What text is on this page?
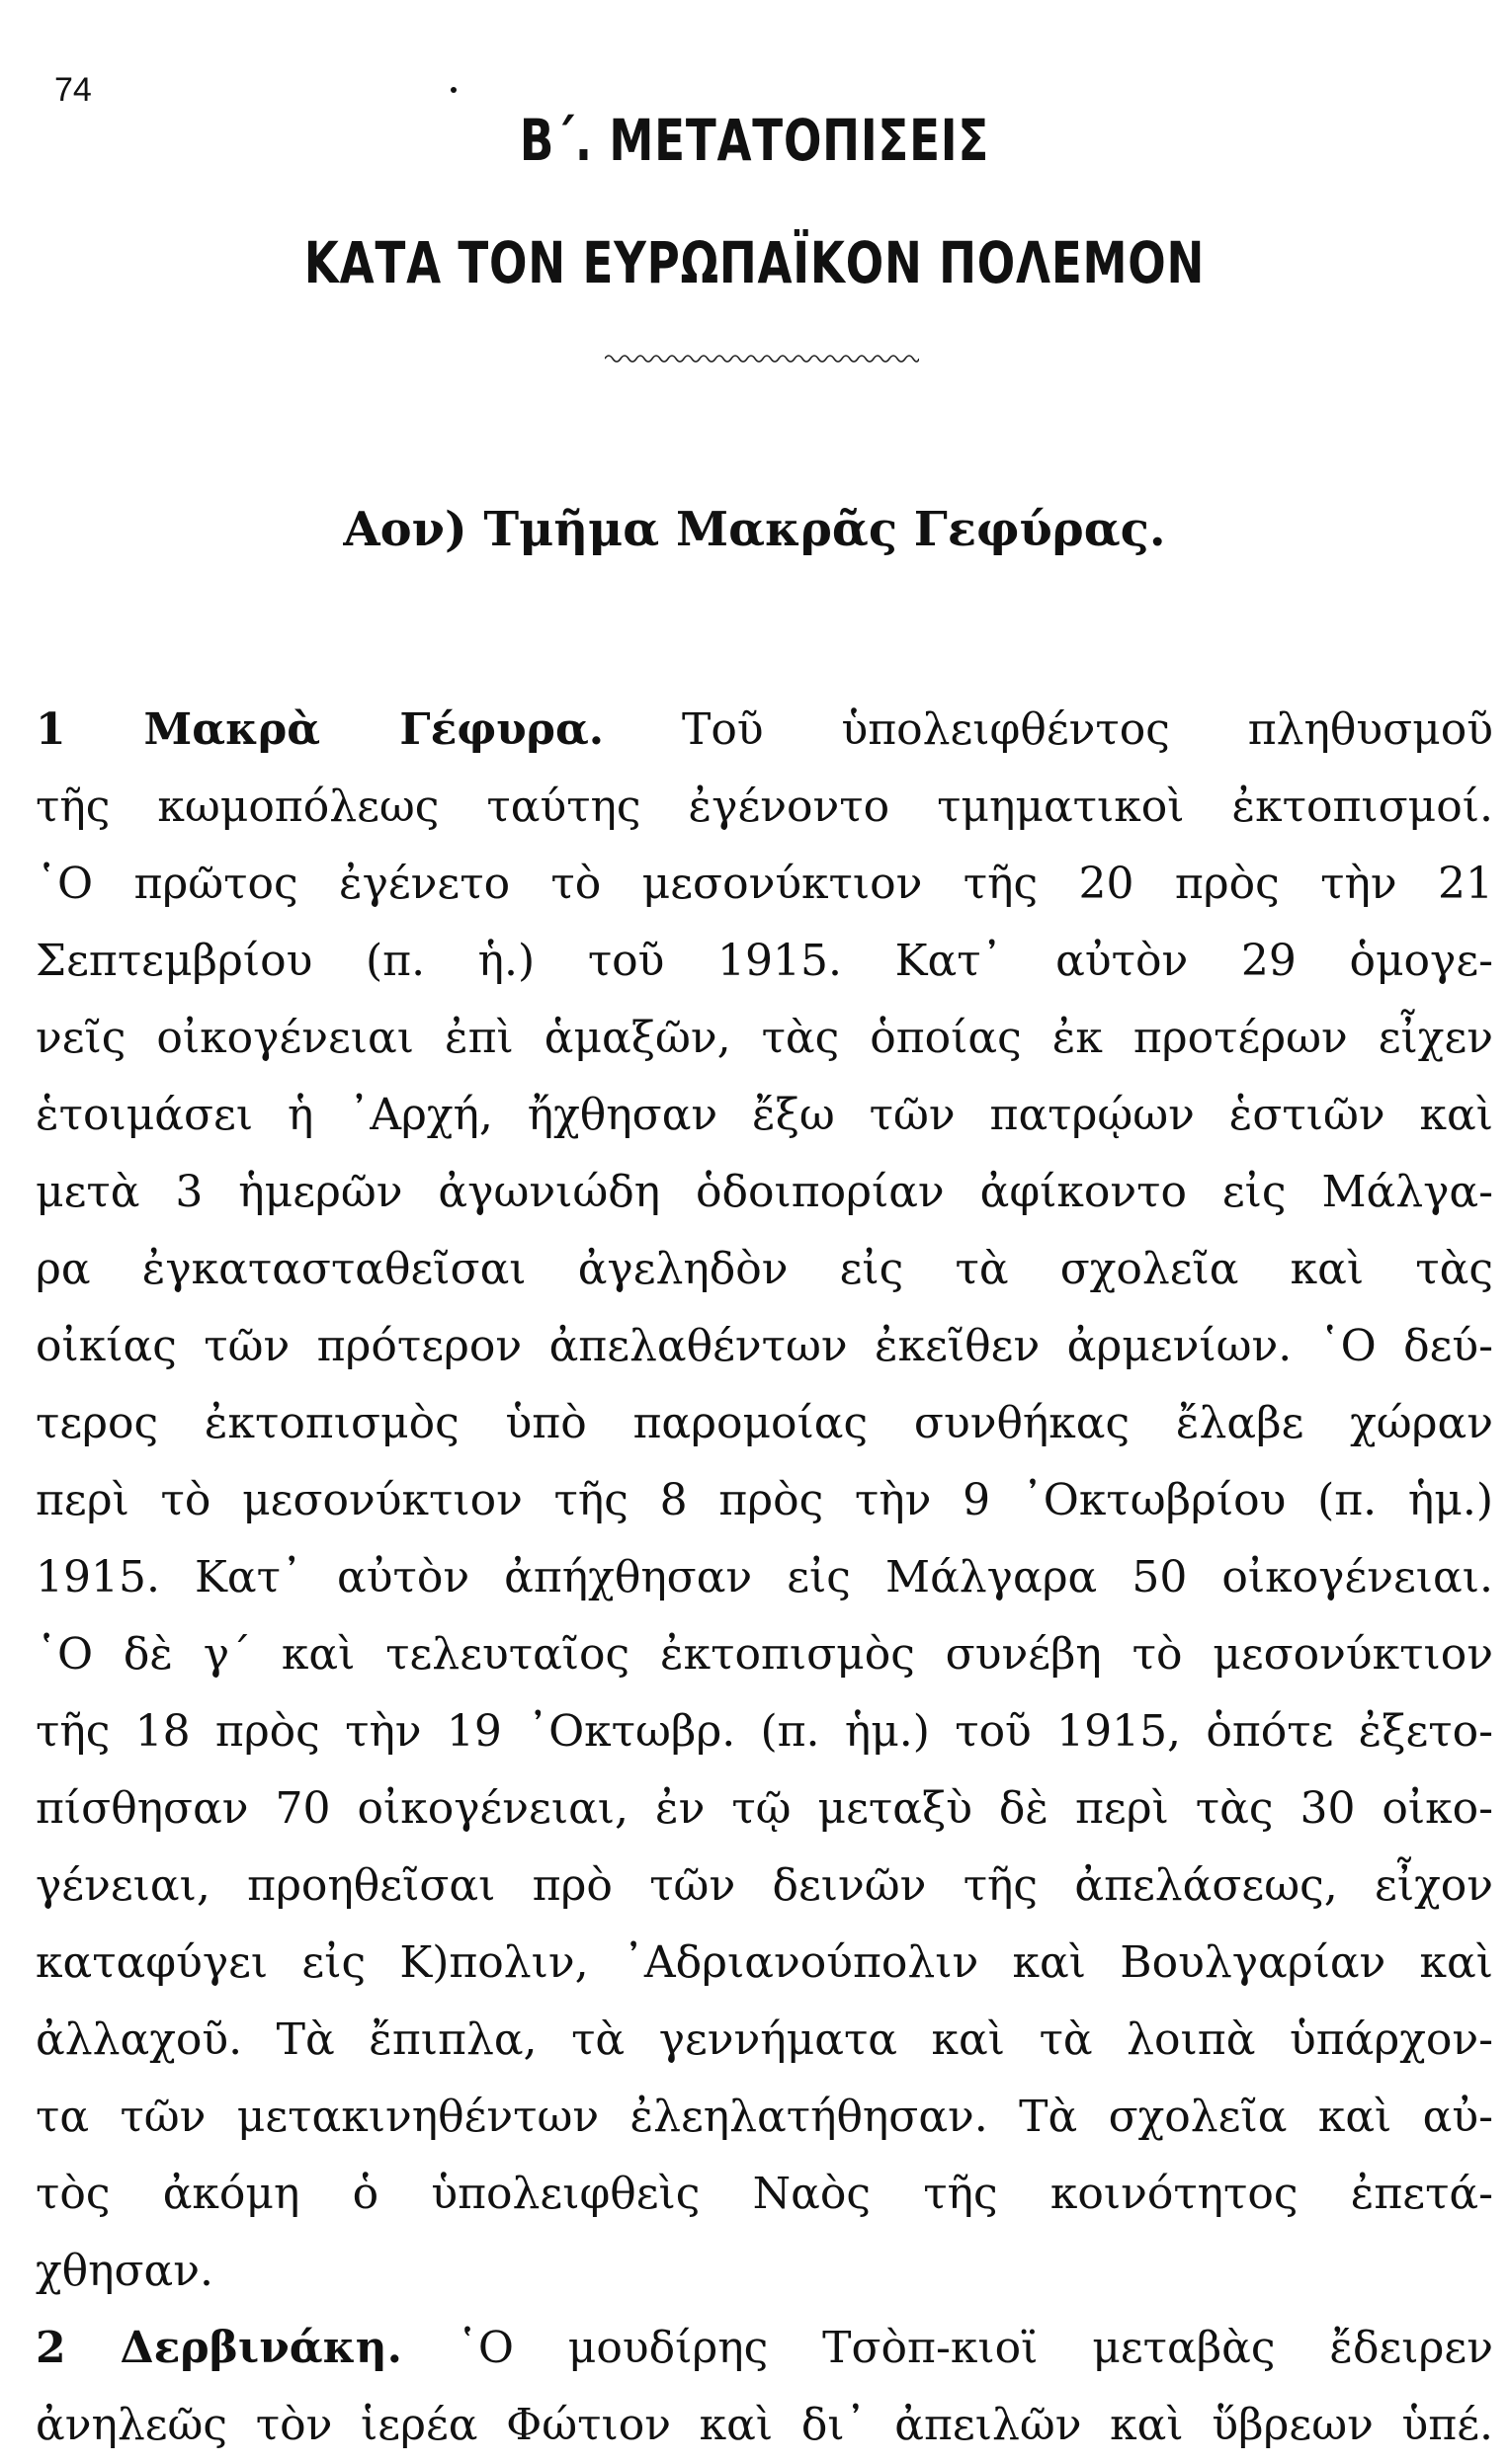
74
Β΄. ΜΕΤΑΤΟΠΙΣΕΙΣ
ΚΑΤΑ ΤΟΝ ΕΥΡΩΠΑΪΚΟΝ ΠΟΛΕΜΟΝ
Αον) Τμῆμα Μακρᾶς Γεφύρας.
1 Μακρὰ Γέφυρα. Τοῦ ὑπολειφθέντος πληθυσμοῦ
τῆς κωμοπόλεως ταύτης ἐγένοντο τμηματικοὶ ἐκτοπισμοί.
῾Ο πρῶτος ἐγένετο τὸ μεσονύκτιον τῆς 20 πρὸς τὴν 21
Σεπτεμβρίου (π. ἡ.) τοῦ 1915. Κατ᾽ αὐτὸν 29 ὁμογε-
νεῖς οἰκογένειαι ἐπὶ ἁμαξῶν, τὰς ὁποίας ἐκ προτέρων εἶχεν
ἑτοιμάσει ἡ ᾿Αρχή, ἤχθησαν ἔξω τῶν πατρῴων ἑστιῶν καὶ
μετὰ 3 ἡμερῶν ἀγωνιώδη ὁδοιπορίαν ἀφίκοντο εἰς Μάλγα-
ρα ἐγκατασταθεῖσαι ἀγεληδὸν εἰς τὰ σχολεῖα καὶ τὰς
οἰκίας τῶν πρότερον ἀπελαθέντων ἐκεῖθεν ἀρμενίων. ῾Ο δεύ-
τερος ἐκτοπισμὸς ὑπὸ παρομοίας συνθήκας ἔλαβε χώραν
περὶ τὸ μεσονύκτιον τῆς 8 πρὸς τὴν 9 ᾿Οκτωβρίου (π. ἡμ.)
1915. Κατ᾽ αὐτὸν ἀπήχθησαν εἰς Μάλγαρα 50 οἰκογένειαι.
῾Ο δὲ γ΄ καὶ τελευταῖος ἐκτοπισμὸς συνέβη τὸ μεσονύκτιον
τῆς 18 πρὸς τὴν 19 ᾿Οκτωβρ. (π. ἡμ.) τοῦ 1915, ὁπότε ἐξετο-
πίσθησαν 70 οἰκογένειαι, ἐν τῷ μεταξὺ δὲ περὶ τὰς 30 οἰκο-
γένειαι, προηθεῖσαι πρὸ τῶν δεινῶν τῆς ἀπελάσεως, εἶχον
καταφύγει εἰς Κ)πολιν, ᾿Αδριανούπολιν καὶ Βουλγαρίαν καὶ
ἀλλαχοῦ. Τὰ ἔπιπλα, τὰ γεννήματα καὶ τὰ λοιπὰ ὑπάρχον-
τα τῶν μετακινηθέντων ἐλεηλατήθησαν. Τὰ σχολεῖα καὶ αὐ-
τὸς ἀκόμη ὁ ὑπολειφθεὶς Ναὸς τῆς κοινότητος ἐπετά-
χθησαν.
2 Δερβινάκη. ῾Ο μουδίρης Τσὸπ-κιοϊ μεταβὰς ἔδειρεν
ἀνηλεῶς τὸν ἱερέα Φώτιον καὶ δι᾽ ἀπειλῶν καὶ ὕβρεων ὑπέ.
